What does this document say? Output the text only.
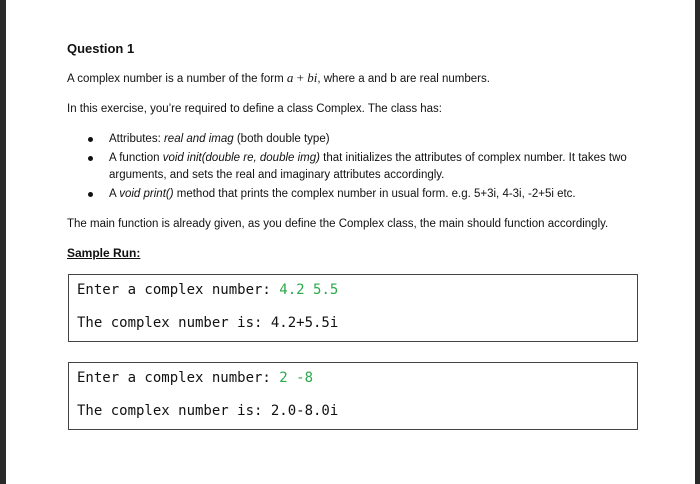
Question 1
A complex number is a number of the form a + bi, where a and b are real numbers.
In this exercise, you’re required to define a class Complex. The class has:
Attributes: real and imag (both double type)
A function void init(double re, double img) that initializes the attributes of complex number. It takes two arguments, and sets the real and imaginary attributes accordingly.
A void print() method that prints the complex number in usual form. e.g. 5+3i, 4-3i, -2+5i etc.
The main function is already given, as you define the Complex class, the main should function accordingly.
Sample Run:
Enter a complex number: 4.2 5.5
The complex number is: 4.2+5.5i
Enter a complex number: 2 -8
The complex number is: 2.0-8.0i
